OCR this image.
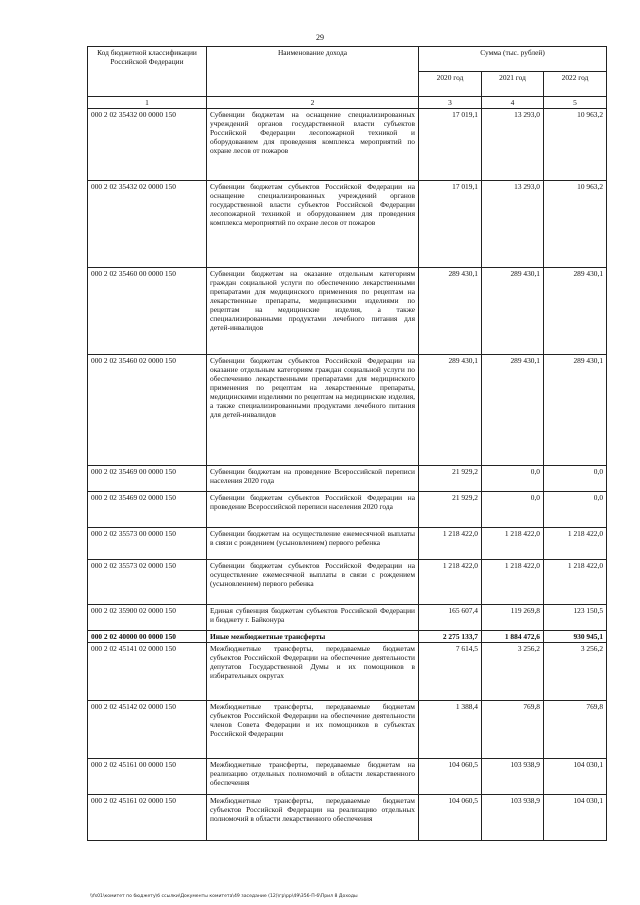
29
Код бюджетной классификации Российской Федерации	Наименование дохода	Сумма (тыс. рублей)		
		2020 год	2021 год	2022 год
1	2	3	4	5
000 2 02 35432 00 0000 150	Субвенции бюджетам на оснащение специализированных учреждений органов государственной власти субъектов Российской Федерации лесопожарной техникой и оборудованием для проведения комплекса мероприятий по охране лесов от пожаров	17 019,1	13 293,0	10 963,2
000 2 02 35432 02 0000 150	Субвенции бюджетам субъектов Российской Федерации на оснащение специализированных учреждений органов государственной власти субъектов Российской Федерации лесопожарной техникой и оборудованием для проведения комплекса мероприятий по охране лесов от пожаров	17 019,1	13 293,0	10 963,2
000 2 02 35460 00 0000 150	Субвенции бюджетам на оказание отдельным категориям граждан социальной услуги по обеспечению лекарственными препаратами для медицинского применения по рецептам на лекарственные препараты, медицинскими изделиями по рецептам на медицинские изделия, а также специализированными продуктами лечебного питания для детей-инвалидов	289 430,1	289 430,1	289 430,1
000 2 02 35460 02 0000 150	Субвенции бюджетам субъектов Российской Федерации на оказание отдельным категориям граждан социальной услуги по обеспечению лекарственными препаратами для медицинского применения по рецептам на лекарственные препараты, медицинскими изделиями по рецептам на медицинские изделия, а также специализированными продуктами лечебного питания для детей-инвалидов	289 430,1	289 430,1	289 430,1
000 2 02 35469 00 0000 150	Субвенции бюджетам на проведение Всероссийской переписи населения 2020 года	21 929,2	0,0	0,0
000 2 02 35469 02 0000 150	Субвенции бюджетам субъектов Российской Федерации на проведение Всероссийской переписи населения 2020 года	21 929,2	0,0	0,0
000 2 02 35573 00 0000 150	Субвенции бюджетам на осуществление ежемесячной выплаты в связи с рождением (усыновлением) первого ребенка	1 218 422,0	1 218 422,0	1 218 422,0
000 2 02 35573 02 0000 150	Субвенции бюджетам субъектов Российской Федерации на осуществление ежемесячной выплаты в связи с рождением (усыновлением) первого ребенка	1 218 422,0	1 218 422,0	1 218 422,0
000 2 02 35900 02 0000 150	Единая субвенция бюджетам субъектов Российской Федерации и бюджету г. Байконура	165 607,4	119 269,8	123 150,5
000 2 02 40000 00 0000 150	Иные межбюджетные трансферты	2 275 133,7	1 884 472,6	930 945,1
000 2 02 45141 02 0000 150	Межбюджетные трансферты, передаваемые бюджетам субъектов Российской Федерации на обеспечение деятельности депутатов Государственной Думы и их помощников в избирательных округах	7 614,5	3 256,2	3 256,2
000 2 02 45142 02 0000 150	Межбюджетные трансферты, передаваемые бюджетам субъектов Российской Федерации на обеспечение деятельности членов Совета Федерации и их помощников в субъектах Российской Федерации	1 388,4	769,8	769,8
000 2 02 45161 00 0000 150	Межбюджетные трансферты, передаваемые бюджетам на реализацию отдельных полномочий в области лекарственного обеспечения	104 060,5	103 938,9	104 030,1
000 2 02 45161 02 0000 150	Межбюджетные трансферты, передаваемые бюджетам субъектов Российской Федерации на реализацию отдельных полномочий в области лекарственного обеспечения	104 060,5	103 938,9	104 030,1
\\fs01\комитет по бюджету\б ссылки\Документы комитета\49 заседание (12)\гр\рр\49\356-П-6\Прил 8 Доходы
